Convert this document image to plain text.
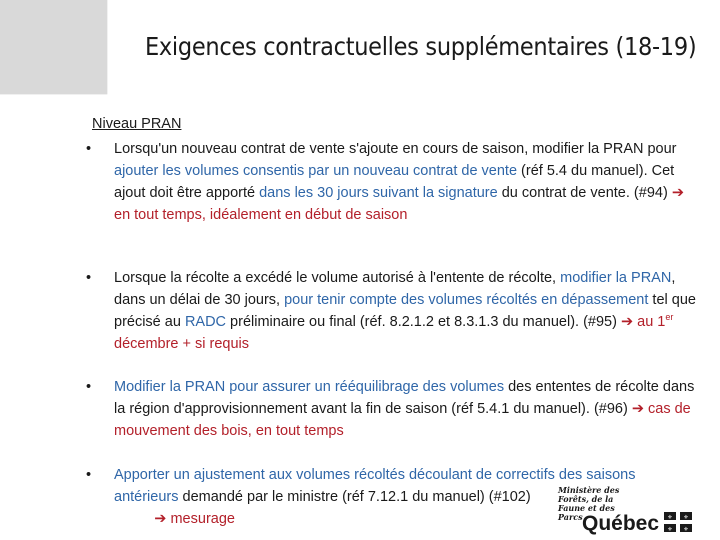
Exigences contractuelles supplémentaires (18-19)
Niveau PRAN
• Lorsqu'un nouveau contrat de vente s'ajoute en cours de saison, modifier la PRAN pour ajouter les volumes consentis par un nouveau contrat de vente (réf 5.4 du manuel). Cet ajout doit être apporté dans les 30 jours suivant la signature du contrat de vente. (#94) ➔ en tout temps, idéalement en début de saison
• Lorsque la récolte a excédé le volume autorisé à l'entente de récolte, modifier la PRAN, dans un délai de 30 jours, pour tenir compte des volumes récoltés en dépassement tel que précisé au RADC préliminaire ou final (réf. 8.2.1.2 et 8.3.1.3 du manuel). (#95) ➔ au 1er décembre + si requis
• Modifier la PRAN pour assurer un rééquilibrage des volumes des ententes de récolte dans la région d'approvisionnement avant la fin de saison (réf 5.4.1 du manuel). (#96) ➔ cas de mouvement des bois, en tout temps
• Apporter un ajustement aux volumes récoltés découlant de correctifs des saisons antérieurs demandé par le ministre (réf 7.12.1 du manuel) (#102)
➔ mesurage
Ministère des Forêts, de la Faune et des Parcs Québec ⚜ ⚜
⚜ ⚜
